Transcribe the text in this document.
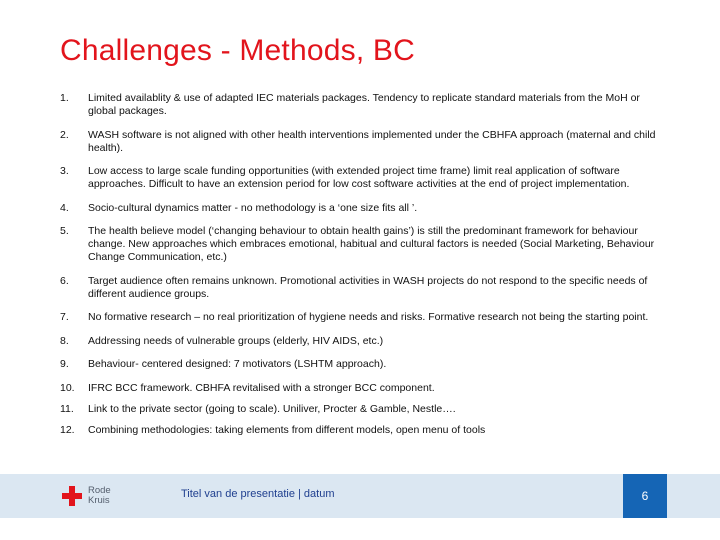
Challenges - Methods, BC
1.	Limited availablity & use of adapted IEC materials packages. Tendency to replicate standard materials from the MoH or global packages.
2.	WASH software is not aligned with other health interventions implemented under the CBHFA approach (maternal and child health).
3.	Low access to large scale funding opportunities (with extended project time frame) limit real application of software approaches. Difficult to have an extension period for low cost software activities at the end of project implementation.
4.	Socio-cultural dynamics matter - no methodology is a ‘one size fits all ’.
5.	The health believe model (‘changing behaviour to obtain health gains’) is still the predominant framework for behaviour change. New approaches which embraces emotional, habitual and cultural factors is needed (Social Marketing, Behaviour Change Communication, etc.)
6.	Target audience often remains unknown. Promotional activities in WASH projects do not respond to the specific needs of different audience groups.
7.	No formative research – no real prioritization of hygiene needs and risks. Formative research not being the starting point.
8.	Addressing needs of vulnerable groups (elderly, HIV AIDS, etc.)
9.	Behaviour- centered designed: 7 motivators (LSHTM approach).
10.	IFRC BCC framework. CBHFA revitalised with a stronger BCC component.
11.	Link to the private sector (going to scale). Uniliver, Procter & Gamble, Nestle….
12.	Combining methodologies: taking elements from different models, open menu of tools
Rode
Kruis
Titel van de presentatie | datum	6
